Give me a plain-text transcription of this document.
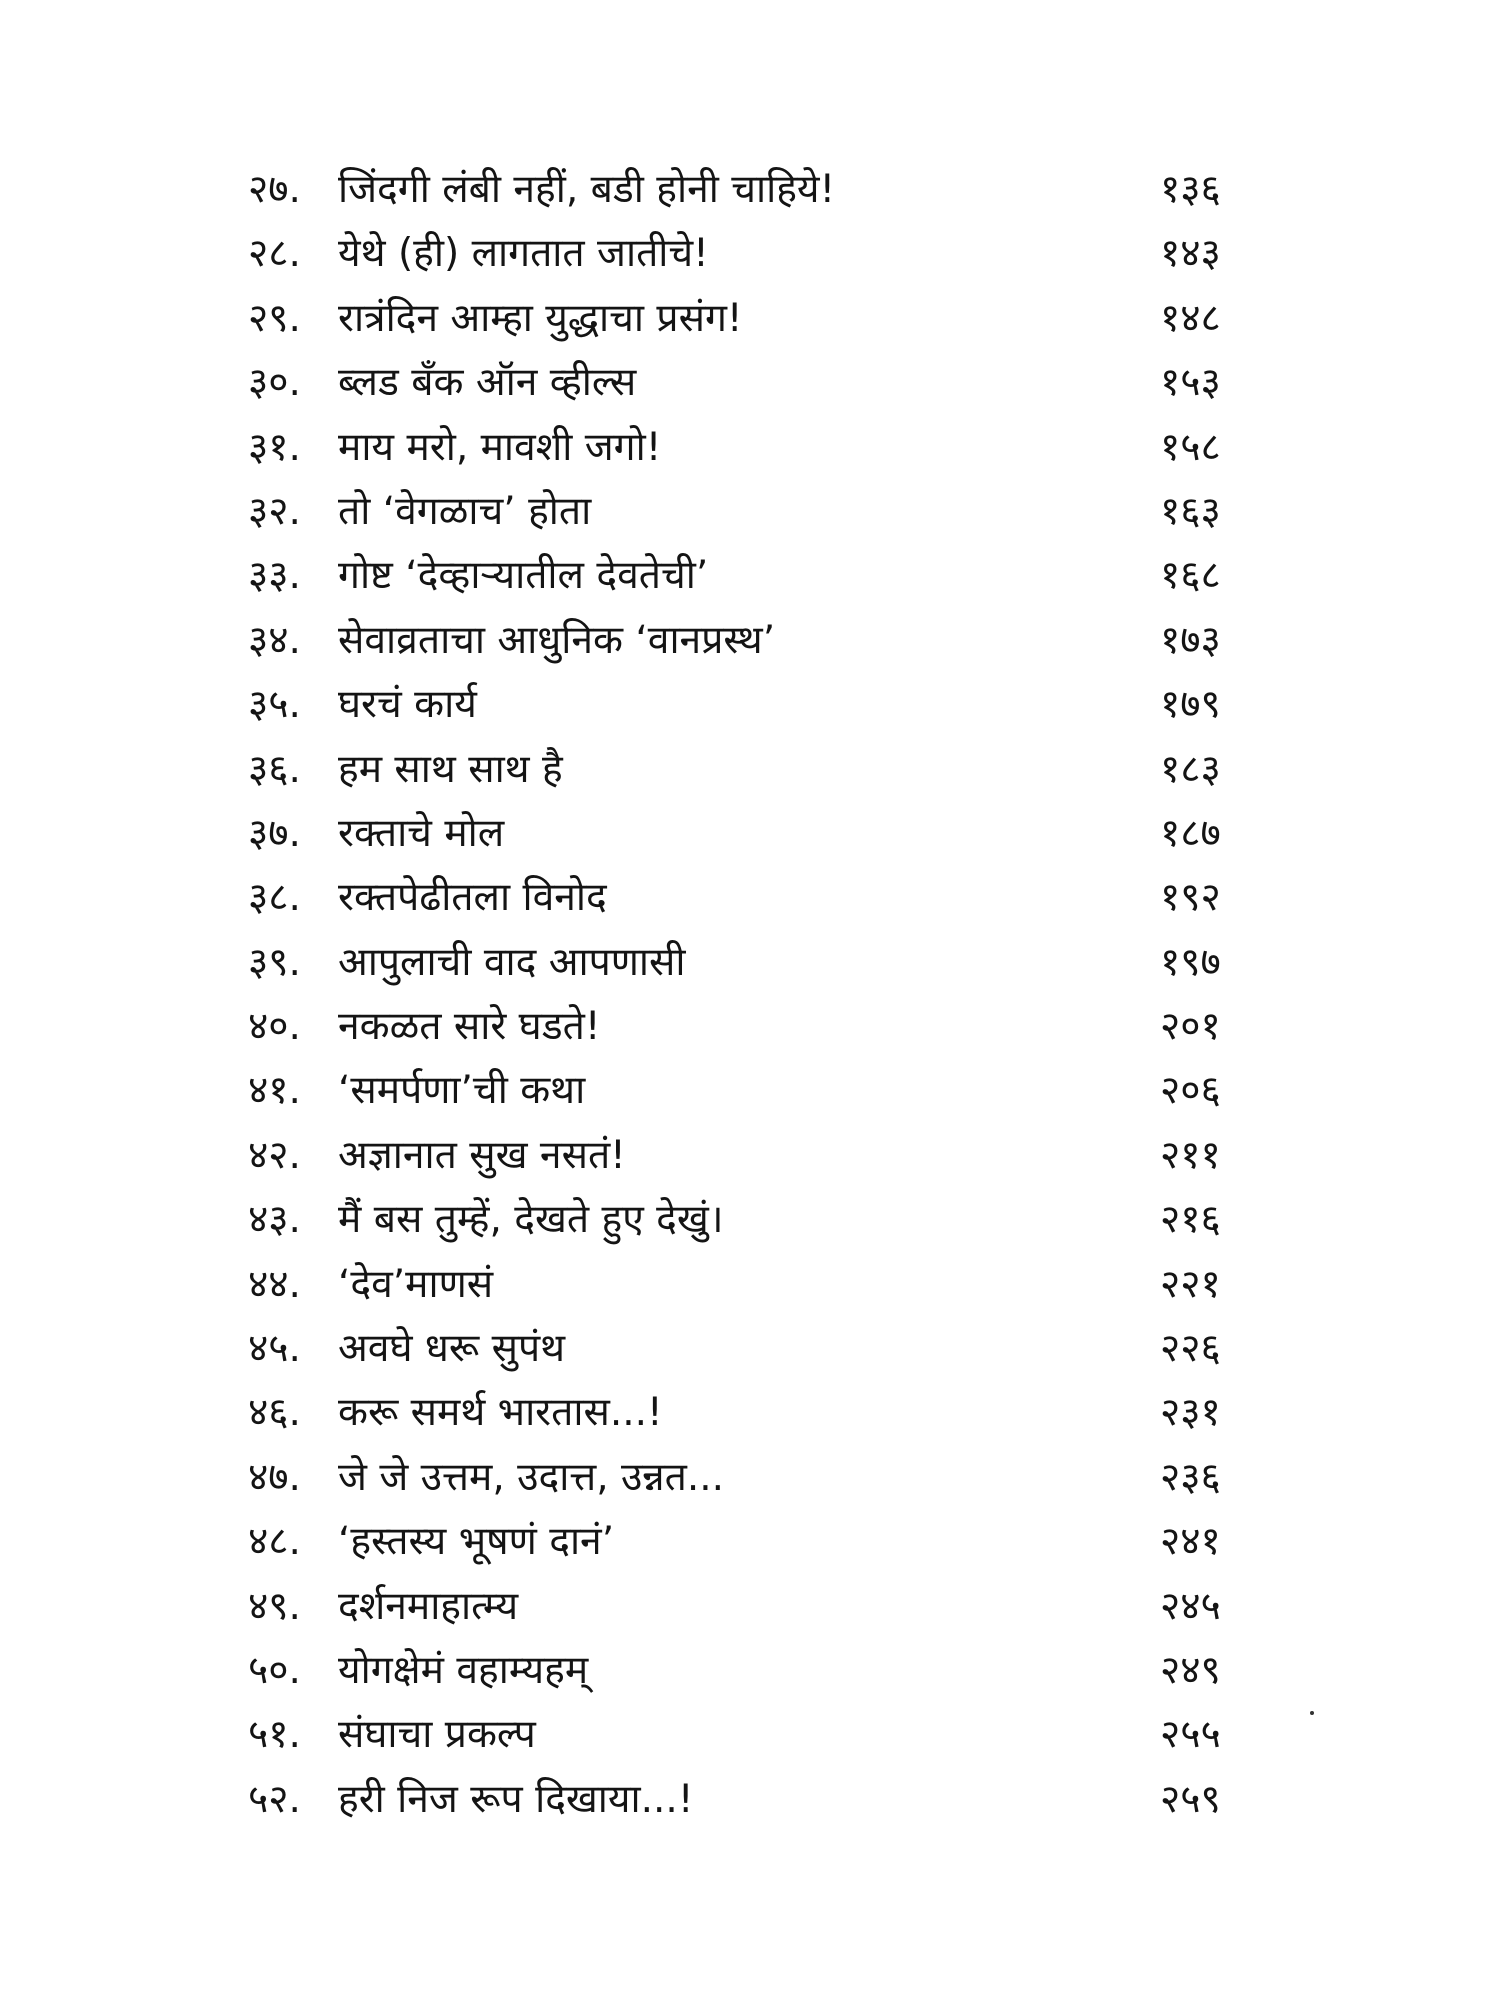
२७. जिंदगी लंबी नहीं, बडी होनी चाहिये!	१३६
२८. येथे (ही) लागतात जातीचे!	१४३
२९. रात्रंदिन आम्हा युद्धाचा प्रसंग!	१४८
३०. ब्लड बँक ऑन व्हील्स	१५३
३१. माय मरो, मावशी जगो!	१५८
३२. तो ‘वेगळाच’ होता	१६३
३३. गोष्ट ‘देव्हाऱ्यातील देवतेची’	१६८
३४. सेवाव्रताचा आधुनिक ‘वानप्रस्थ’	१७३
३५. घरचं कार्य	१७९
३६. हम साथ साथ है	१८३
३७. रक्ताचे मोल	१८७
३८. रक्तपेढीतला विनोद	१९२
३९. आपुलाची वाद आपणासी	१९७
४०. नकळत सारे घडते!	२०१
४१. ‘समर्पणा’ची कथा	२०६
४२. अज्ञानात सुख नसतं!	२११
४३. मैं बस तुम्हें, देखते हुए देखुं।	२१६
४४. ‘देव’माणसं	२२१
४५. अवघे धरू सुपंथ	२२६
४६. करू समर्थ भारतास...!	२३१
४७. जे जे उत्तम, उदात्त, उन्नत...	२३६
४८. ‘हस्तस्य भूषणं दानं’	२४१
४९. दर्शनमाहात्म्य	२४५
५०. योगक्षेमं वहाम्यहम्	२४९
५१. संघाचा प्रकल्प	२५५
५२. हरी निज रूप दिखाया...!	२५९
